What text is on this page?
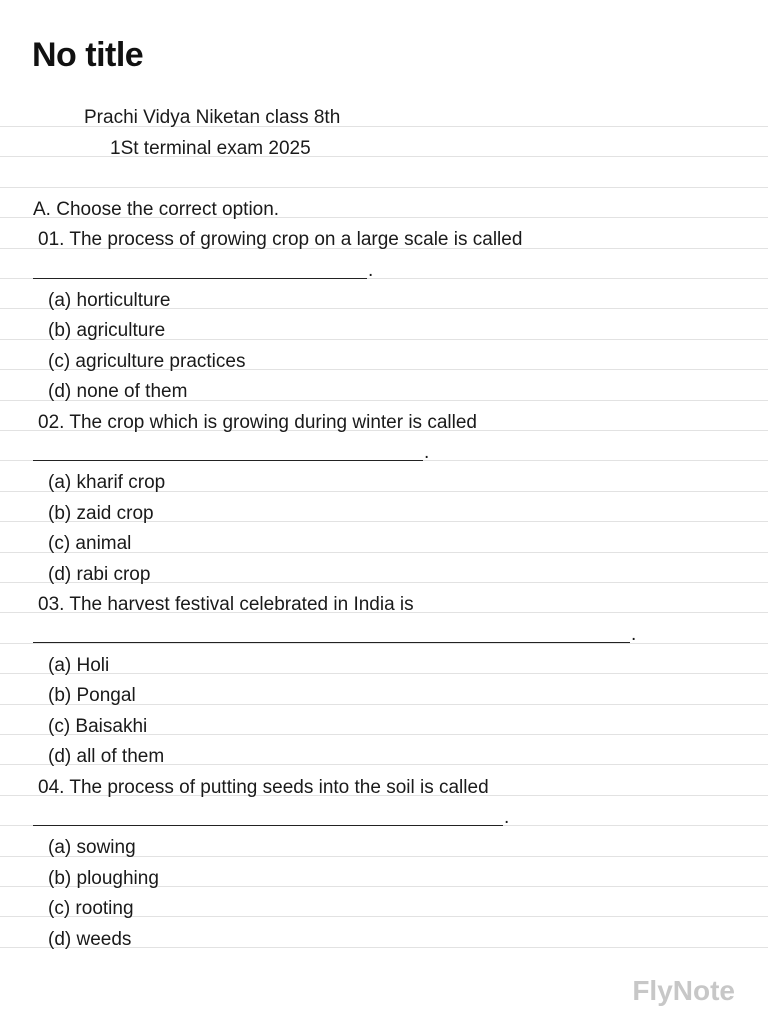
No title
Prachi Vidya Niketan class 8th
1St terminal exam 2025
A. Choose the correct option.
01. The process of growing crop on a large scale is called
.
(a) horticulture
(b) agriculture
(c) agriculture practices
(d) none of them
02. The crop which is growing during winter is called
.
(a) kharif crop
(b) zaid crop
(c) animal
(d) rabi crop
03. The harvest festival celebrated in India is
.
(a) Holi
(b) Pongal
(c) Baisakhi
(d) all of them
04. The process of putting seeds into the soil is called
.
(a) sowing
(b) ploughing
(c) rooting
(d) weeds
FlyNote
